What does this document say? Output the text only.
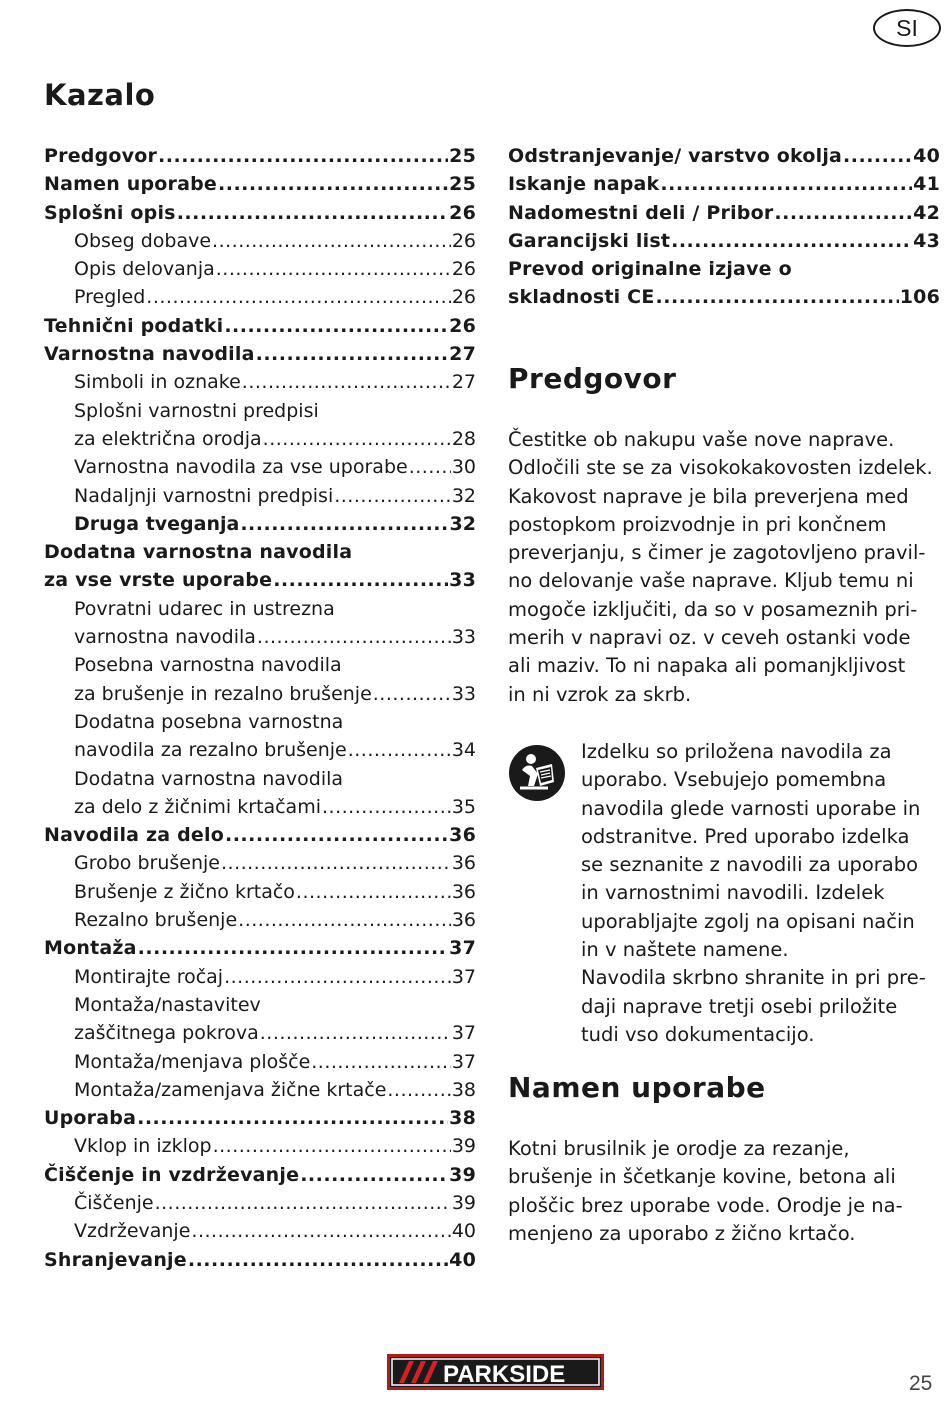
SI
Kazalo
Predgovor .....	25
Namen uporabe .....	25
Splošni opis .....	26
Obseg dobave .....	26
Opis delovanja .....	26
Pregled .....	26
Tehnični podatki .....	26
Varnostna navodila .....	27
Simboli in oznake .....	27
Splošni varnostni predpisi
za električna orodja .....	28
Varnostna navodila za vse uporabe ..... 30
Nadaljnji varnostni predpisi .....	32
Druga tveganja .....	32
Dodatna varnostna navodila
za vse vrste uporabe .....	33
Povratni udarec in ustrezna
varnostna navodila .....	33
Posebna varnostna navodila
za brušenje in rezalno brušenje .....	33
Dodatna posebna varnostna
navodila za rezalno brušenje .....	34
Dodatna varnostna navodila
za delo z žičnimi krtačami .....	35
Navodila za delo .....	36
Grobo brušenje .....	36
Brušenje z žično krtačo .....	36
Rezalno brušenje .....	36
Montaža .....	37
Montirajte ročaj .....	37
Montaža/nastavitev
zaščitnega pokrova .....	37
Montaža/menjava plošče .....	37
Montaža/zamenjava žične krtače .....	38
Uporaba .....	38
Vklop in izklop .....	39
Čiščenje in vzdrževanje .....	39
Čiščenje .....	39
Vzdrževanje .....	40
Shranjevanje .....	40
Odstranjevanje/ varstvo okolja .....	40
Iskanje napak .....	41
Nadomestni deli / Pribor .....	42
Garancijski list .....	43
Prevod originalne izjave o
skladnosti CE .....	106
Predgovor
Čestitke ob nakupu vaše nove naprave.
Odločili ste se za visokokakovosten izdelek.
Kakovost naprave je bila preverjena med
postopkom proizvodnje in pri končnem
preverjanju, s čimer je zagotovljeno pravil-
no delovanje vaše naprave. Kljub temu ni
mogoče izključiti, da so v posameznih pri-
merih v napravi oz. v ceveh ostanki vode
ali maziv. To ni napaka ali pomanjkljivost
in ni vzrok za skrb.
Izdelku so priložena navodila za
uporabo. Vsebujejo pomembna
navodila glede varnosti uporabe in
odstranitve. Pred uporabo izdelka
se seznanite z navodili za uporabo
in varnostnimi navodili. Izdelek
uporabljajte zgolj na opisani način
in v naštete namene.
Navodila skrbno shranite in pri pre-
daji naprave tretji osebi priložite
tudi vso dokumentacijo.
Namen uporabe
Kotni brusilnik je orodje za rezanje,
brušenje in ščetkanje kovine, betona ali
ploščic brez uporabe vode. Orodje je na-
menjeno za uporabo z žično krtačo.
PARKSIDE	25
